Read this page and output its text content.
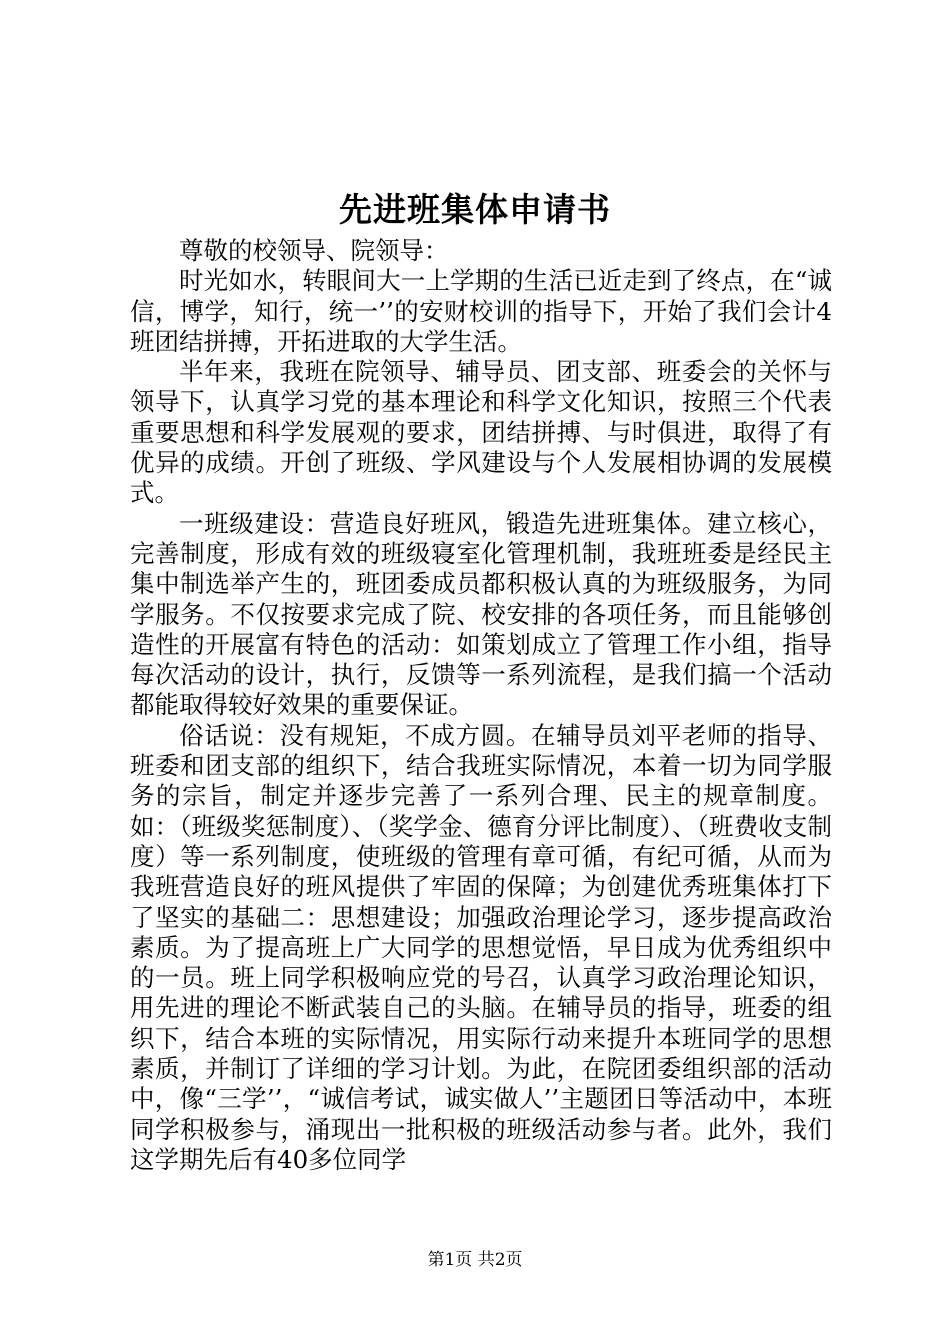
先进班集体申请书

尊敬的校领导、院领导：

时光如水，转眼间大一上学期的生活已近走到了终点，在“诚信，博学，知行，统一’’的安财校训的指导下，开始了我们会计4班团结拼搏，开拓进取的大学生活。

半年来，我班在院领导、辅导员、团支部、班委会的关怀与领导下，认真学习党的基本理论和科学文化知识，按照三个代表重要思想和科学发展观的要求，团结拼搏、与时俱进，取得了有优异的成绩。开创了班级、学风建设与个人发展相协调的发展模式。

一班级建设：营造良好班风，锻造先进班集体。建立核心，完善制度，形成有效的班级寝室化管理机制，我班班委是经民主集中制选举产生的，班团委成员都积极认真的为班级服务，为同学服务。不仅按要求完成了院、校安排的各项任务，而且能够创造性的开展富有特色的活动：如策划成立了管理工作小组，指导每次活动的设计，执行，反馈等一系列流程，是我们搞一个活动都能取得较好效果的重要保证。

俗话说：没有规矩，不成方圆。在辅导员刘平老师的指导、班委和团支部的组织下，结合我班实际情况，本着一切为同学服务的宗旨，制定并逐步完善了一系列合理、民主的规章制度。如：（班级奖惩制度）、（奖学金、德育分评比制度）、（班费收支制度）等一系列制度，使班级的管理有章可循，有纪可循，从而为我班营造良好的班风提供了牢固的保障；为创建优秀班集体打下了坚实的基础二：思想建设；加强政治理论学习，逐步提高政治素质。为了提高班上广大同学的思想觉悟，早日成为优秀组织中的一员。班上同学积极响应党的号召，认真学习政治理论知识，用先进的理论不断武装自己的头脑。在辅导员的指导，班委的组织下，结合本班的实际情况，用实际行动来提升本班同学的思想素质，并制订了详细的学习计划。为此，在院团委组织部的活动中，像“三学’’，“诚信考试，诚实做人’’主题团日等活动中，本班同学积极参与，涌现出一批积极的班级活动参与者。此外，我们这学期先后有40多位同学

第1页 共2页
